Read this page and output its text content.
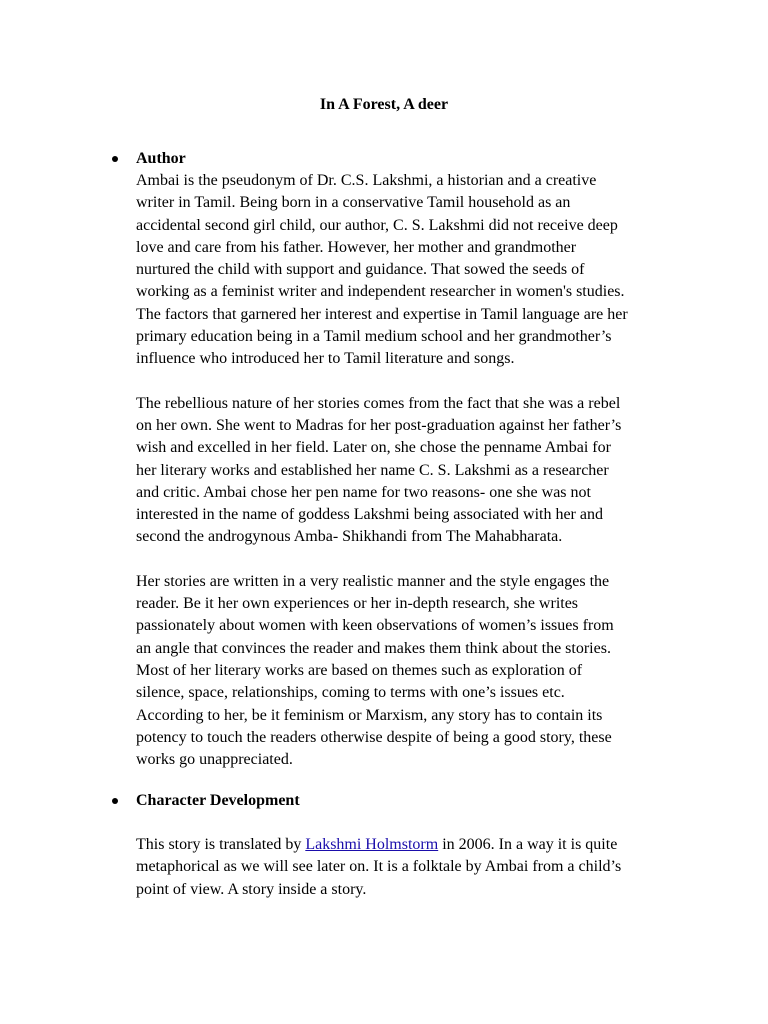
In A Forest, A deer
Author
Ambai is the pseudonym of Dr. C.S. Lakshmi, a historian and a creative
writer in Tamil. Being born in a conservative Tamil household as an
accidental second girl child, our author, C. S. Lakshmi did not receive deep
love and care from his father. However, her mother and grandmother
nurtured the child with support and guidance. That sowed the seeds of
working as a feminist writer and independent researcher in women's studies.
The factors that garnered her interest and expertise in Tamil language are her
primary education being in a Tamil medium school and her grandmother’s
influence who introduced her to Tamil literature and songs.
The rebellious nature of her stories comes from the fact that she was a rebel
on her own. She went to Madras for her post-graduation against her father’s
wish and excelled in her field. Later on, she chose the penname Ambai for
her literary works and established her name C. S. Lakshmi as a researcher
and critic. Ambai chose her pen name for two reasons- one she was not
interested in the name of goddess Lakshmi being associated with her and
second the androgynous Amba- Shikhandi from The Mahabharata.
Her stories are written in a very realistic manner and the style engages the
reader. Be it her own experiences or her in-depth research, she writes
passionately about women with keen observations of women’s issues from
an angle that convinces the reader and makes them think about the stories.
Most of her literary works are based on themes such as exploration of
silence, space, relationships, coming to terms with one’s issues etc.
According to her, be it feminism or Marxism, any story has to contain its
potency to touch the readers otherwise despite of being a good story, these
works go unappreciated.
Character Development
This story is translated by Lakshmi Holmstorm in 2006. In a way it is quite
metaphorical as we will see later on. It is a folktale by Ambai from a child’s
point of view. A story inside a story.
